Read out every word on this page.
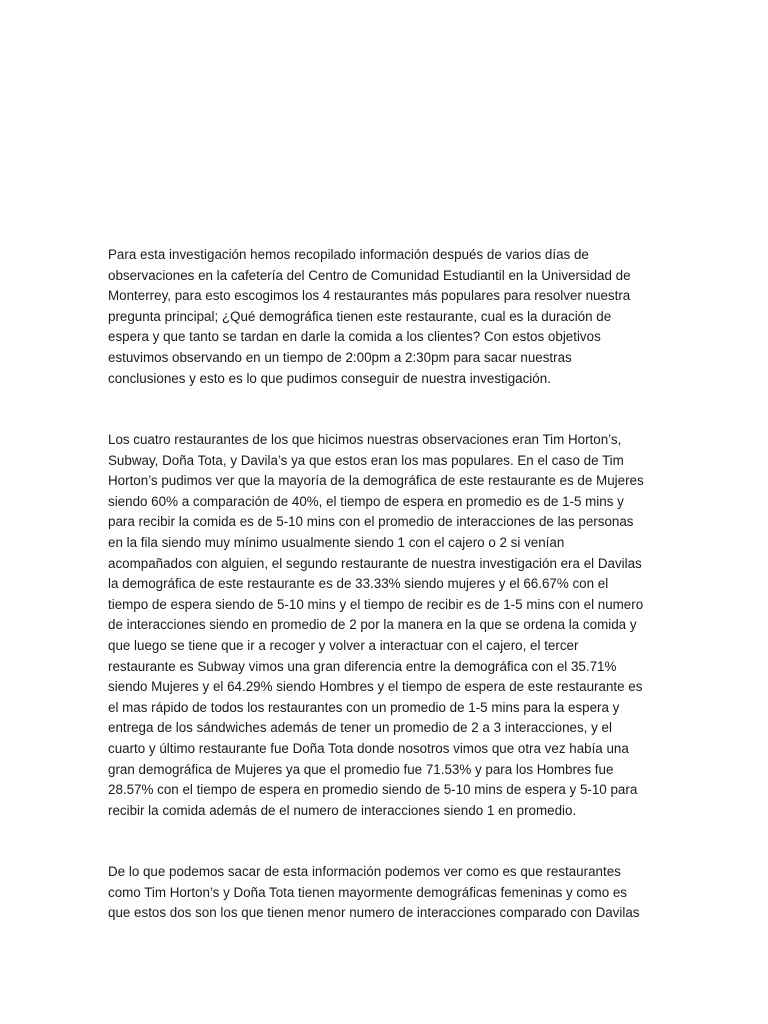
Para esta investigación hemos recopilado información después de varios días de
observaciones en la cafetería del Centro de Comunidad Estudiantil en la Universidad de
Monterrey, para esto escogimos los 4 restaurantes más populares para resolver nuestra
pregunta principal; ¿Qué demográfica tienen este restaurante, cual es la duración de
espera y que tanto se tardan en darle la comida a los clientes? Con estos objetivos
estuvimos observando en un tiempo de 2:00pm a 2:30pm para sacar nuestras
conclusiones y esto es lo que pudimos conseguir de nuestra investigación.

Los cuatro restaurantes de los que hicimos nuestras observaciones eran Tim Horton’s,
Subway, Doña Tota, y Davila’s ya que estos eran los mas populares. En el caso de Tim
Horton’s pudimos ver que la mayoría de la demográfica de este restaurante es de Mujeres
siendo 60% a comparación de 40%, el tiempo de espera en promedio es de 1-5 mins y
para recibir la comida es de 5-10 mins con el promedio de interacciones de las personas
en la fila siendo muy mínimo usualmente siendo 1 con el cajero o 2 si venían
acompañados con alguien, el segundo restaurante de nuestra investigación era el Davilas
la demográfica de este restaurante es de 33.33% siendo mujeres y el 66.67% con el
tiempo de espera siendo de 5-10 mins y el tiempo de recibir es de 1-5 mins con el numero
de interacciones siendo en promedio de 2 por la manera en la que se ordena la comida y
que luego se tiene que ir a recoger y volver a interactuar con el cajero, el tercer
restaurante es Subway vimos una gran diferencia entre la demográfica con el 35.71%
siendo Mujeres y el 64.29% siendo Hombres y el tiempo de espera de este restaurante es
el mas rápido de todos los restaurantes con un promedio de 1-5 mins para la espera y
entrega de los sándwiches además de tener un promedio de 2 a 3 interacciones, y el
cuarto y último restaurante fue Doña Tota donde nosotros vimos que otra vez había una
gran demográfica de Mujeres ya que el promedio fue 71.53% y para los Hombres fue
28.57% con el tiempo de espera en promedio siendo de 5-10 mins de espera y 5-10 para
recibir la comida además de el numero de interacciones siendo 1 en promedio.

De lo que podemos sacar de esta información podemos ver como es que restaurantes
como Tim Horton’s y Doña Tota tienen mayormente demográficas femeninas y como es
que estos dos son los que tienen menor numero de interacciones comparado con Davilas
